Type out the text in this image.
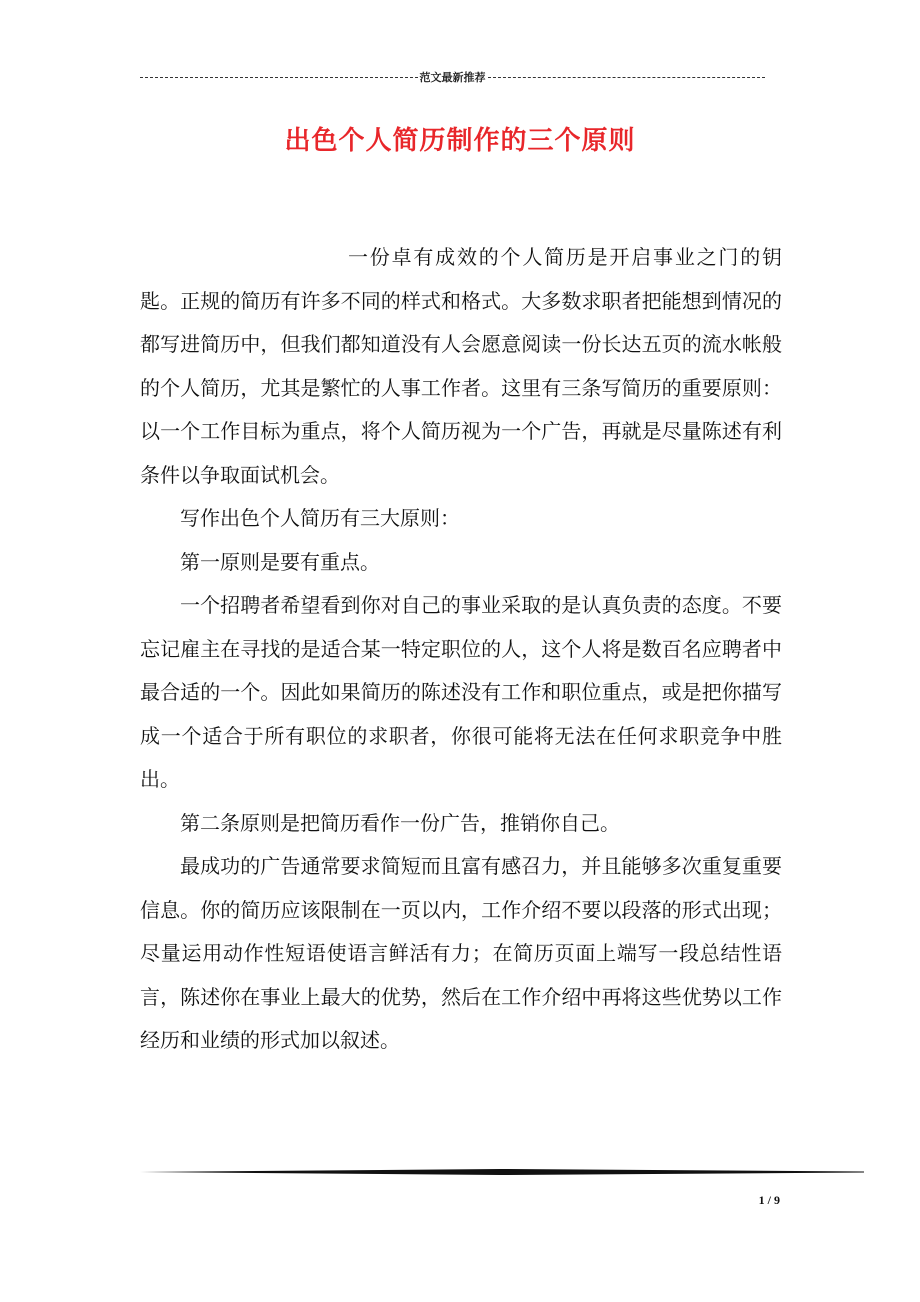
范文最新推荐
出色个人简历制作的三个原则

一份卓有成效的个人简历是开启事业之门的钥匙。正规的简历有许多不同的样式和格式。大多数求职者把能想到情况的都写进简历中，但我们都知道没有人会愿意阅读一份长达五页的流水帐般的个人简历，尤其是繁忙的人事工作者。这里有三条写简历的重要原则：以一个工作目标为重点，将个人简历视为一个广告，再就是尽量陈述有利条件以争取面试机会。

写作出色个人简历有三大原则：

第一原则是要有重点。

一个招聘者希望看到你对自己的事业采取的是认真负责的态度。不要忘记雇主在寻找的是适合某一特定职位的人，这个人将是数百名应聘者中最合适的一个。因此如果简历的陈述没有工作和职位重点，或是把你描写成一个适合于所有职位的求职者，你很可能将无法在任何求职竞争中胜出。

第二条原则是把简历看作一份广告，推销你自己。

最成功的广告通常要求简短而且富有感召力，并且能够多次重复重要信息。你的简历应该限制在一页以内，工作介绍不要以段落的形式出现；尽量运用动作性短语使语言鲜活有力；在简历页面上端写一段总结性语言，陈述你在事业上最大的优势，然后在工作介绍中再将这些优势以工作经历和业绩的形式加以叙述。

1 / 9
